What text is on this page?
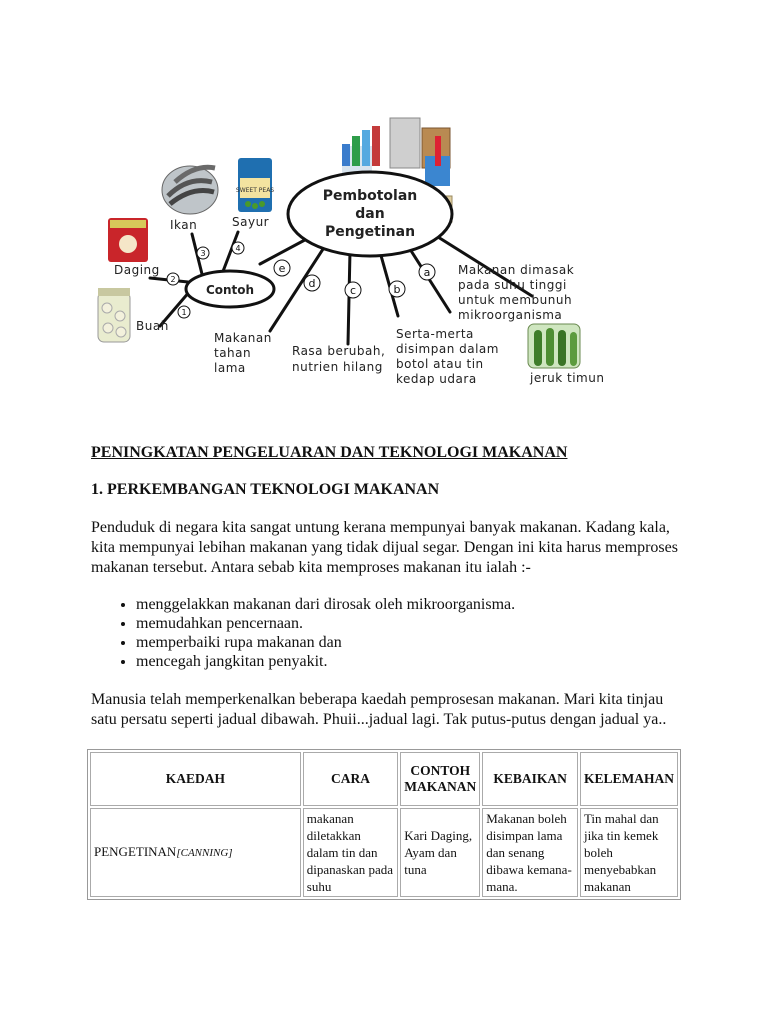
SWEET PEAS
jeruk timun
Pembotolan
dan
Pengetinan
Contoh
1
2
3
4
Buah
Daging
Ikan	Sayur
a
b
c
d
e	Makanan dimasak
pada suhu tinggi
untuk membunuh
mikroorganisma
Serta-merta
disimpan dalam
botol atau tin
kedap udara
Rasa berubah,
nutrien hilang
Makanan
tahan
lama
PENINGKATAN PENGELUARAN DAN TEKNOLOGI MAKANAN
1. PERKEMBANGAN TEKNOLOGI MAKANAN

Penduduk di negara kita sangat untung kerana mempunyai banyak makanan. Kadang kala, kita mempunyai lebihan makanan yang tidak dijual segar. Dengan ini kita harus memproses makanan tersebut. Antara sebab kita memproses makanan itu ialah :-

• menggelakkan makanan dari dirosak oleh mikroorganisma.
• memudahkan pencernaan.
• memperbaiki rupa makanan dan
• mencegah jangkitan penyakit.

Manusia telah memperkenalkan beberapa kaedah pemprosesan makanan. Mari kita tinjau satu persatu seperti jadual dibawah. Phuii...jadual lagi. Tak putus-putus dengan jadual ya..

KAEDAH	CARA	CONTOH MAKANAN	KEBAIKAN	KELEMAHAN
PENGETINAN[CANNING]	makanan diletakkan dalam tin dan dipanaskan pada suhu	Kari Daging, Ayam dan tuna	Makanan boleh disimpan lama dan senang dibawa kemana-mana.	Tin mahal dan jika tin kemek boleh menyebabkan makanan
